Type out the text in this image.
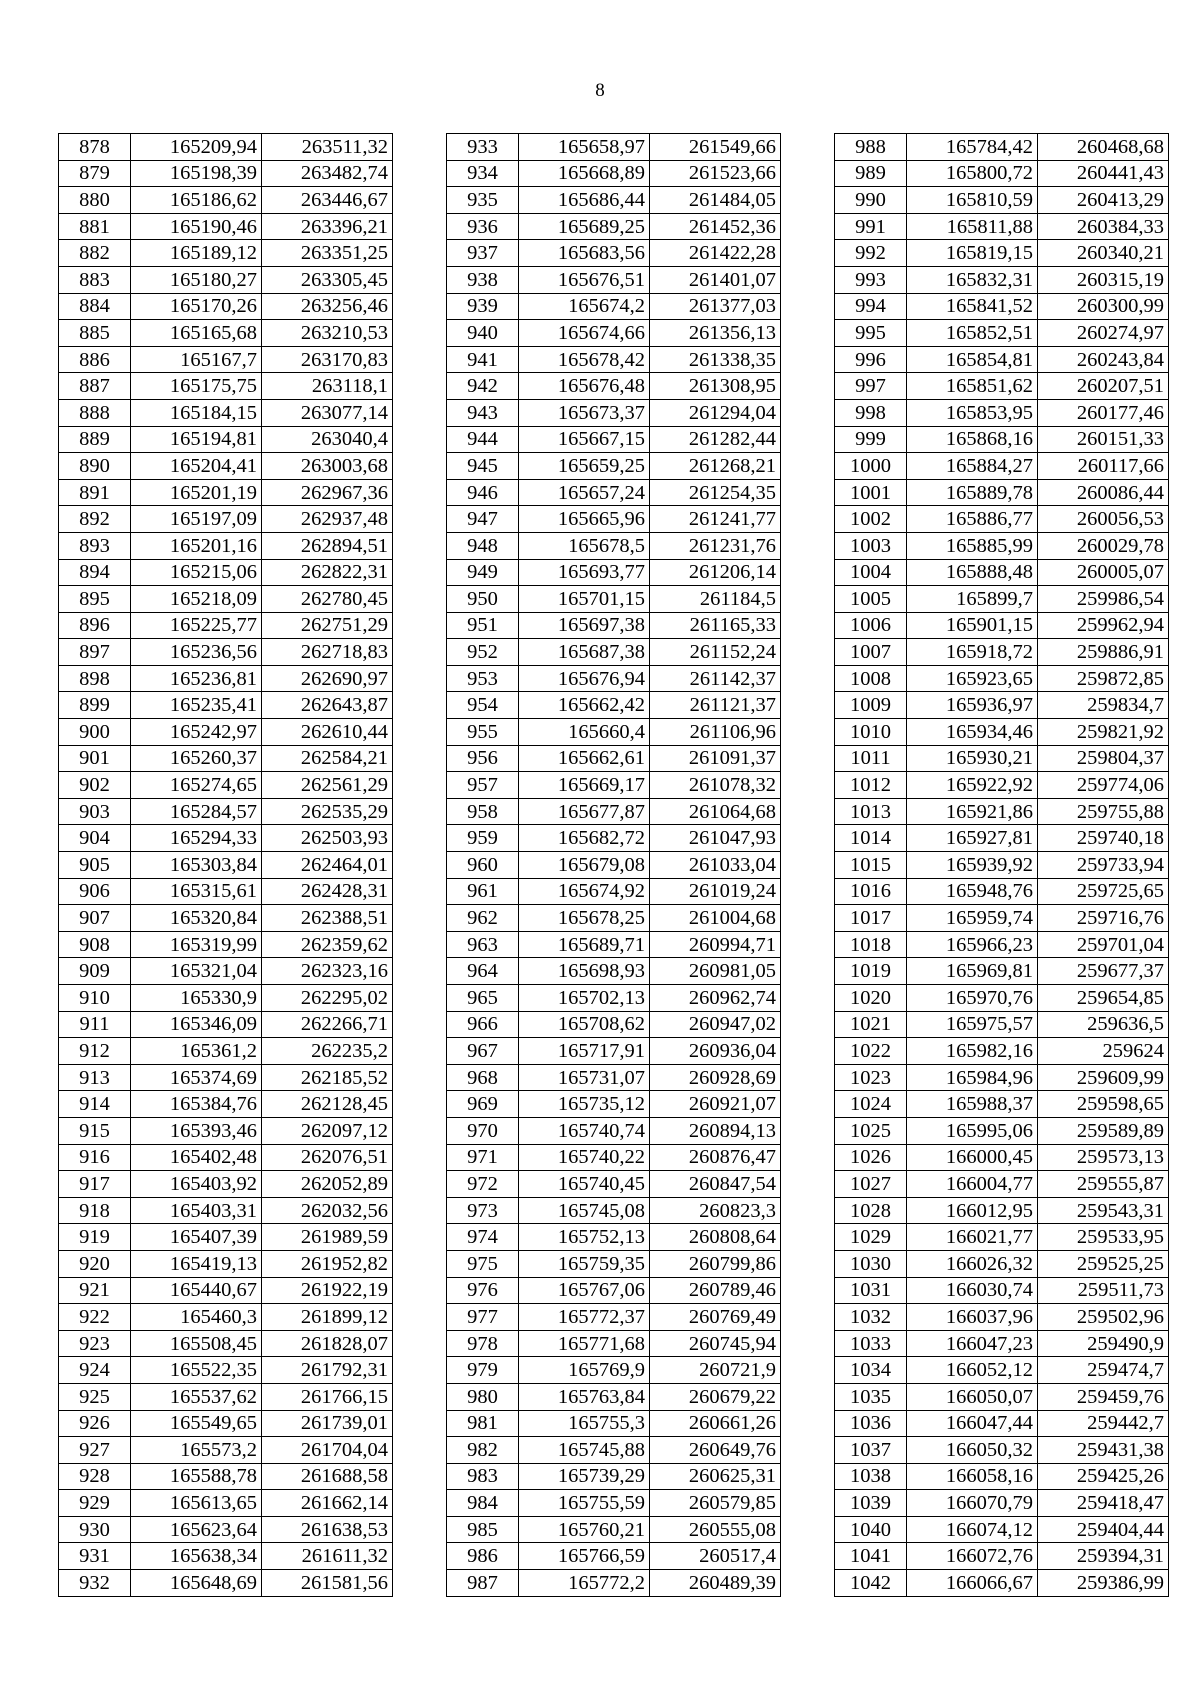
8
878	165209,94	263511,32
879	165198,39	263482,74
880	165186,62	263446,67
881	165190,46	263396,21
882	165189,12	263351,25
883	165180,27	263305,45
884	165170,26	263256,46
885	165165,68	263210,53
886	165167,7	263170,83
887	165175,75	263118,1
888	165184,15	263077,14
889	165194,81	263040,4
890	165204,41	263003,68
891	165201,19	262967,36
892	165197,09	262937,48
893	165201,16	262894,51
894	165215,06	262822,31
895	165218,09	262780,45
896	165225,77	262751,29
897	165236,56	262718,83
898	165236,81	262690,97
899	165235,41	262643,87
900	165242,97	262610,44
901	165260,37	262584,21
902	165274,65	262561,29
903	165284,57	262535,29
904	165294,33	262503,93
905	165303,84	262464,01
906	165315,61	262428,31
907	165320,84	262388,51
908	165319,99	262359,62
909	165321,04	262323,16
910	165330,9	262295,02
911	165346,09	262266,71
912	165361,2	262235,2
913	165374,69	262185,52
914	165384,76	262128,45
915	165393,46	262097,12
916	165402,48	262076,51
917	165403,92	262052,89
918	165403,31	262032,56
919	165407,39	261989,59
920	165419,13	261952,82
921	165440,67	261922,19
922	165460,3	261899,12
923	165508,45	261828,07
924	165522,35	261792,31
925	165537,62	261766,15
926	165549,65	261739,01
927	165573,2	261704,04
928	165588,78	261688,58
929	165613,65	261662,14
930	165623,64	261638,53
931	165638,34	261611,32
932	165648,69	261581,56
933	165658,97	261549,66
934	165668,89	261523,66
935	165686,44	261484,05
936	165689,25	261452,36
937	165683,56	261422,28
938	165676,51	261401,07
939	165674,2	261377,03
940	165674,66	261356,13
941	165678,42	261338,35
942	165676,48	261308,95
943	165673,37	261294,04
944	165667,15	261282,44
945	165659,25	261268,21
946	165657,24	261254,35
947	165665,96	261241,77
948	165678,5	261231,76
949	165693,77	261206,14
950	165701,15	261184,5
951	165697,38	261165,33
952	165687,38	261152,24
953	165676,94	261142,37
954	165662,42	261121,37
955	165660,4	261106,96
956	165662,61	261091,37
957	165669,17	261078,32
958	165677,87	261064,68
959	165682,72	261047,93
960	165679,08	261033,04
961	165674,92	261019,24
962	165678,25	261004,68
963	165689,71	260994,71
964	165698,93	260981,05
965	165702,13	260962,74
966	165708,62	260947,02
967	165717,91	260936,04
968	165731,07	260928,69
969	165735,12	260921,07
970	165740,74	260894,13
971	165740,22	260876,47
972	165740,45	260847,54
973	165745,08	260823,3
974	165752,13	260808,64
975	165759,35	260799,86
976	165767,06	260789,46
977	165772,37	260769,49
978	165771,68	260745,94
979	165769,9	260721,9
980	165763,84	260679,22
981	165755,3	260661,26
982	165745,88	260649,76
983	165739,29	260625,31
984	165755,59	260579,85
985	165760,21	260555,08
986	165766,59	260517,4
987	165772,2	260489,39
988	165784,42	260468,68
989	165800,72	260441,43
990	165810,59	260413,29
991	165811,88	260384,33
992	165819,15	260340,21
993	165832,31	260315,19
994	165841,52	260300,99
995	165852,51	260274,97
996	165854,81	260243,84
997	165851,62	260207,51
998	165853,95	260177,46
999	165868,16	260151,33
1000	165884,27	260117,66
1001	165889,78	260086,44
1002	165886,77	260056,53
1003	165885,99	260029,78
1004	165888,48	260005,07
1005	165899,7	259986,54
1006	165901,15	259962,94
1007	165918,72	259886,91
1008	165923,65	259872,85
1009	165936,97	259834,7
1010	165934,46	259821,92
1011	165930,21	259804,37
1012	165922,92	259774,06
1013	165921,86	259755,88
1014	165927,81	259740,18
1015	165939,92	259733,94
1016	165948,76	259725,65
1017	165959,74	259716,76
1018	165966,23	259701,04
1019	165969,81	259677,37
1020	165970,76	259654,85
1021	165975,57	259636,5
1022	165982,16	259624
1023	165984,96	259609,99
1024	165988,37	259598,65
1025	165995,06	259589,89
1026	166000,45	259573,13
1027	166004,77	259555,87
1028	166012,95	259543,31
1029	166021,77	259533,95
1030	166026,32	259525,25
1031	166030,74	259511,73
1032	166037,96	259502,96
1033	166047,23	259490,9
1034	166052,12	259474,7
1035	166050,07	259459,76
1036	166047,44	259442,7
1037	166050,32	259431,38
1038	166058,16	259425,26
1039	166070,79	259418,47
1040	166074,12	259404,44
1041	166072,76	259394,31
1042	166066,67	259386,99
